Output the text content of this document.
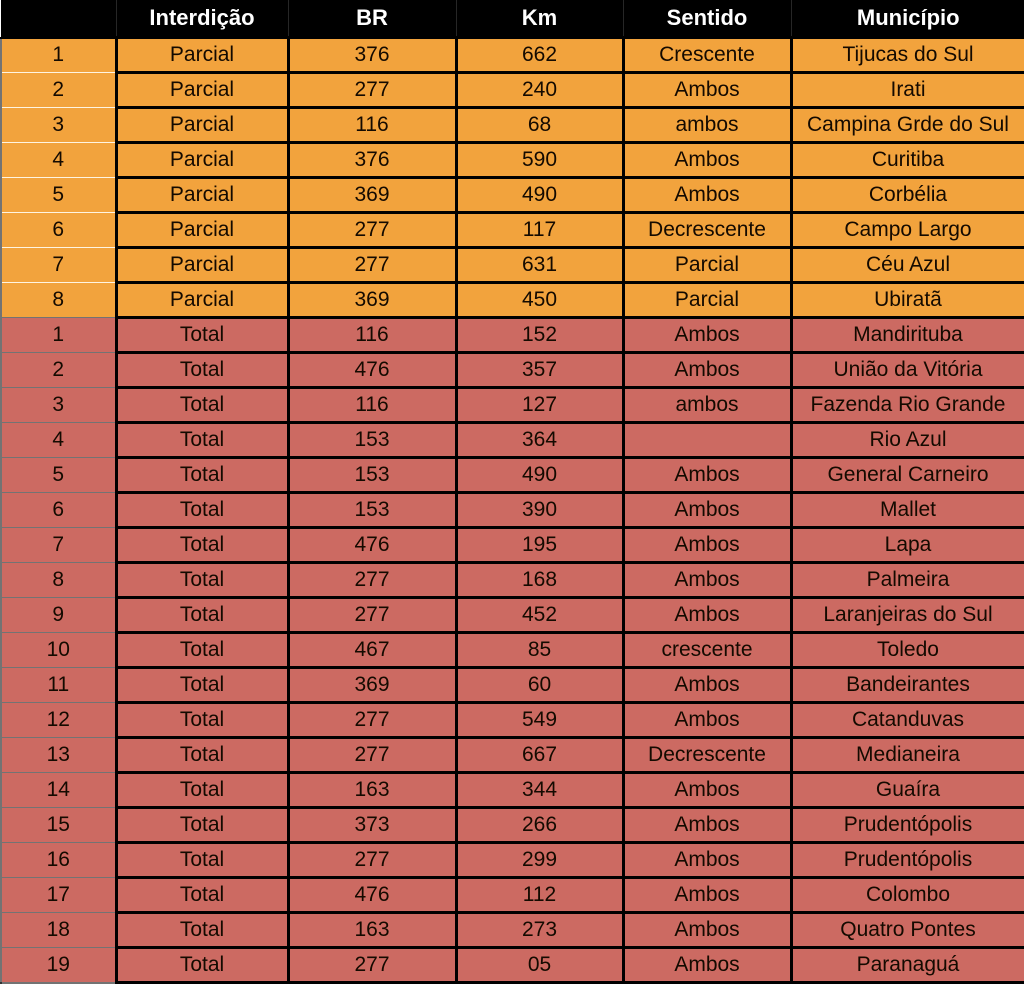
	Interdição	BR	Km	Sentido	Município
1	Parcial	376	662	Crescente	Tijucas do Sul
2	Parcial	277	240	Ambos	Irati
3	Parcial	116	68	ambos	Campina Grde do Sul
4	Parcial	376	590	Ambos	Curitiba
5	Parcial	369	490	Ambos	Corbélia
6	Parcial	277	117	Decrescente	Campo Largo
7	Parcial	277	631	Parcial	Céu Azul
8	Parcial	369	450	Parcial	Ubiratã
1	Total	116	152	Ambos	Mandirituba
2	Total	476	357	Ambos	União da Vitória
3	Total	116	127	ambos	Fazenda Rio Grande
4	Total	153	364		Rio Azul
5	Total	153	490	Ambos	General Carneiro
6	Total	153	390	Ambos	Mallet
7	Total	476	195	Ambos	Lapa
8	Total	277	168	Ambos	Palmeira
9	Total	277	452	Ambos	Laranjeiras do Sul
10	Total	467	85	crescente	Toledo
11	Total	369	60	Ambos	Bandeirantes
12	Total	277	549	Ambos	Catanduvas
13	Total	277	667	Decrescente	Medianeira
14	Total	163	344	Ambos	Guaíra
15	Total	373	266	Ambos	Prudentópolis
16	Total	277	299	Ambos	Prudentópolis
17	Total	476	112	Ambos	Colombo
18	Total	163	273	Ambos	Quatro Pontes
19	Total	277	05	Ambos	Paranaguá
